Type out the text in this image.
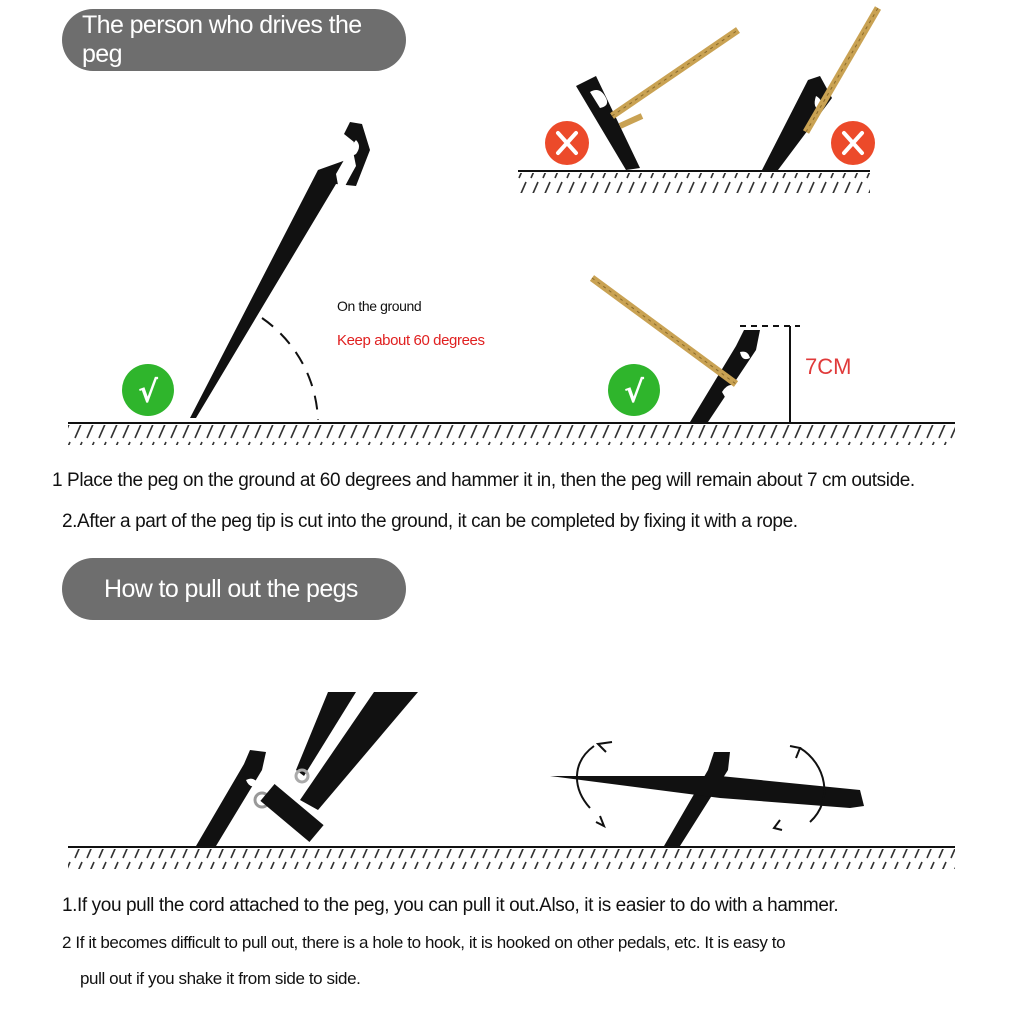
The person who drives the peg
√	√
On the ground
Keep about 60 degrees
7CM
1 Place the peg on the ground at 60 degrees and hammer it in, then the peg will remain about 7 cm outside.
2.After a part of the peg tip is cut into the ground, it can be completed by fixing it with a rope.
How to pull out the pegs
1.If you pull the cord attached to the peg, you can pull it out.Also, it is easier to do with a hammer.
2 If it becomes difficult to pull out, there is a hole to hook, it is hooked on other pedals, etc. It is easy to
pull out if you shake it from side to side.
